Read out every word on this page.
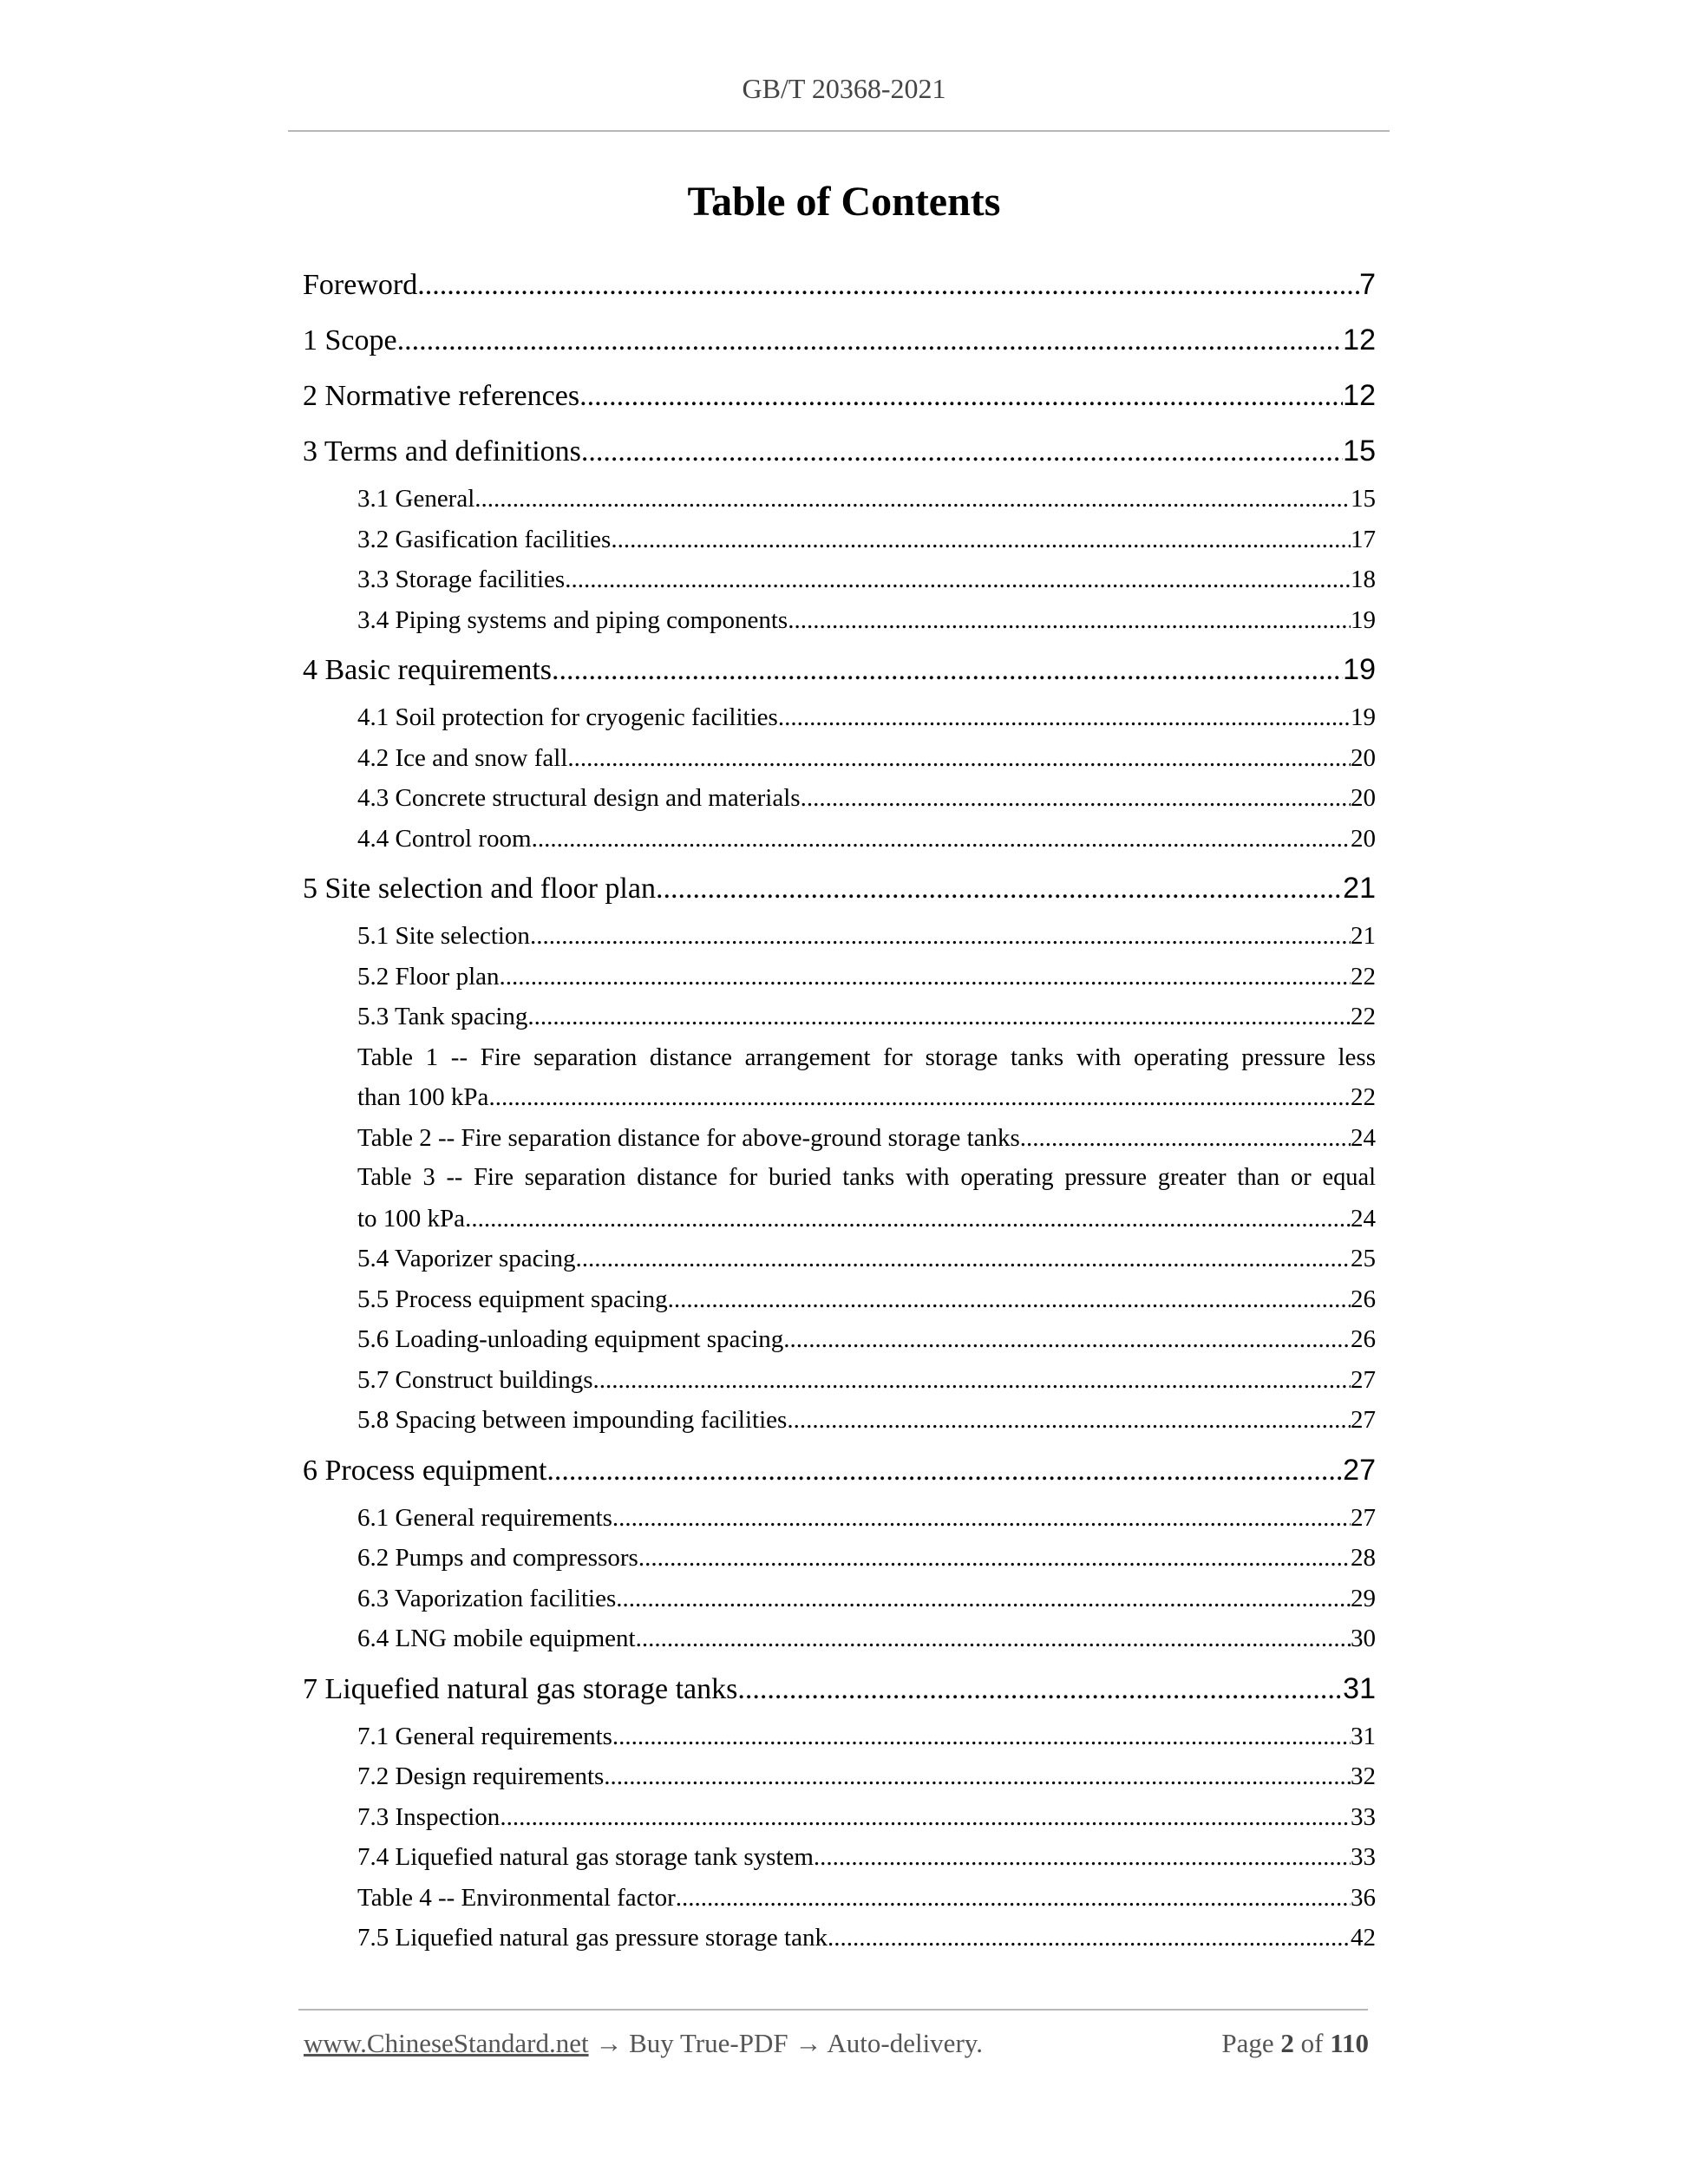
GB/T 20368-2021
Table of Contents
Foreword .....	7
1 Scope .....	12
2 Normative references .....	12
3 Terms and definitions .....	15
3.1 General .....	15
3.2 Gasification facilities .....	17
3.3 Storage facilities .....	18
3.4 Piping systems and piping components .....	19
4 Basic requirements .....	19
4.1 Soil protection for cryogenic facilities .....	19
4.2 Ice and snow fall .....	20
4.3 Concrete structural design and materials .....	20
4.4 Control room .....	20
5 Site selection and floor plan .....	21
5.1 Site selection .....	21
5.2 Floor plan .....	22
5.3 Tank spacing .....	22
Table 1 -- Fire separation distance arrangement for storage tanks with operating pressure less
than 100 kPa .....	22
Table 2 -- Fire separation distance for above-ground storage tanks .....	24
Table 3 -- Fire separation distance for buried tanks with operating pressure greater than or equal
to 100 kPa .....	24
5.4 Vaporizer spacing .....	25
5.5 Process equipment spacing .....	26
5.6 Loading-unloading equipment spacing .....	26
5.7 Construct buildings .....	27
5.8 Spacing between impounding facilities .....	27
6 Process equipment .....	27
6.1 General requirements .....	27
6.2 Pumps and compressors .....	28
6.3 Vaporization facilities .....	29
6.4 LNG mobile equipment .....	30
7 Liquefied natural gas storage tanks .....	31
7.1 General requirements .....	31
7.2 Design requirements .....	32
7.3 Inspection .....	33
7.4 Liquefied natural gas storage tank system .....	33
Table 4 -- Environmental factor .....	36
7.5 Liquefied natural gas pressure storage tank .....	42
www.ChineseStandard.net → Buy True-PDF → Auto-delivery.	Page 2 of 110
